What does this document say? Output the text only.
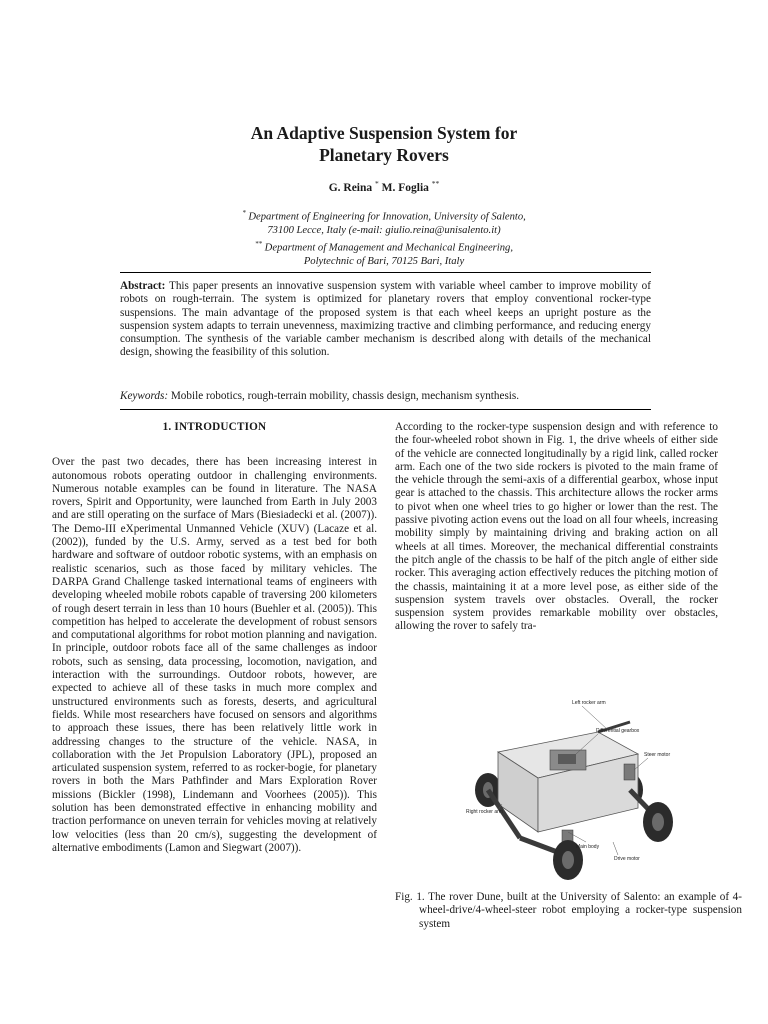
An Adaptive Suspension System for
Planetary Rovers
G. Reina * M. Foglia **
* Department of Engineering for Innovation, University of Salento,
73100 Lecce, Italy (e-mail: giulio.reina@unisalento.it)
** Department of Management and Mechanical Engineering,
Polytechnic of Bari, 70125 Bari, Italy

Abstract: This paper presents an innovative suspension system with variable wheel camber to improve mobility of robots on rough-terrain. The system is optimized for planetary rovers that employ conventional rocker-type suspensions. The main advantage of the proposed system is that each wheel keeps an upright posture as the suspension system adapts to terrain unevenness, maximizing tractive and climbing performance, and reducing energy consumption. The synthesis of the variable camber mechanism is described along with details of the mechanical design, showing the feasibility of this solution.

Keywords: Mobile robotics, rough-terrain mobility, chassis design, mechanism synthesis.

1. INTRODUCTION

Over the past two decades, there has been increasing interest in autonomous robots operating outdoor in challenging environments. Numerous notable examples can be found in literature. The NASA rovers, Spirit and Opportunity, were launched from Earth in July 2003 and are still operating on the surface of Mars (Biesiadecki et al. (2007)). The Demo-III eXperimental Unmanned Vehicle (XUV) (Lacaze et al. (2002)), funded by the U.S. Army, served as a test bed for both hardware and software of outdoor robotic systems, with an emphasis on realistic scenarios, such as those faced by military vehicles. The DARPA Grand Challenge tasked international teams of engineers with developing wheeled mobile robots capable of traversing 200 kilometers of rough desert terrain in less than 10 hours (Buehler et al. (2005)). This competition has helped to accelerate the development of robust sensors and computational algorithms for robot motion planning and navigation. In principle, outdoor robots face all of the same challenges as indoor robots, such as sensing, data processing, locomotion, navigation, and interaction with the surroundings. Outdoor robots, however, are expected to achieve all of these tasks in much more complex and unstructured environments such as forests, deserts, and agricultural fields. While most researchers have focused on sensors and algorithms to approach these issues, there has been relatively little work in addressing changes to the structure of the vehicle. NASA, in collaboration with the Jet Propulsion Laboratory (JPL), proposed an articulated suspension system, referred to as rocker-bogie, for planetary rovers in both the Mars Pathfinder and Mars Exploration Rover missions (Bickler (1998), Lindemann and Voorhees (2005)). This solution has been demonstrated effective in enhancing mobility and traction performance on uneven terrain for vehicles moving at relatively low velocities (less than 20 cm/s), suggesting the development of alternative embodiments (Lamon and Siegwart (2007)).

According to the rocker-type suspension design and with reference to the four-wheeled robot shown in Fig. 1, the drive wheels of either side of the vehicle are connected longitudinally by a rigid link, called rocker arm. Each one of the two side rockers is pivoted to the main frame of the vehicle through the semi-axis of a differential gearbox, whose input gear is attached to the chassis. This architecture allows the rocker arms to pivot when one wheel tries to go higher or lower than the rest. The passive pivoting action evens out the load on all four wheels, increasing mobility simply by maintaining driving and braking action on all wheels at all times. Moreover, the mechanical differential constraints the pitch angle of the chassis to be half of the pitch angle of either side rocker. This averaging action effectively reduces the pitching motion of the chassis, maintaining it at a more level pose, as either side of the suspension system travels over obstacles. Overall, the rocker suspension system provides remarkable mobility over obstacles, allowing the rover to safely tra-

Left rocker arm
Differential gearbox
Steer motor
Right rocker arm
Main body
Drive motor

Fig. 1. The rover Dune, built at the University of Salento: an example of 4-wheel-drive/4-wheel-steer robot employing a rocker-type suspension system
